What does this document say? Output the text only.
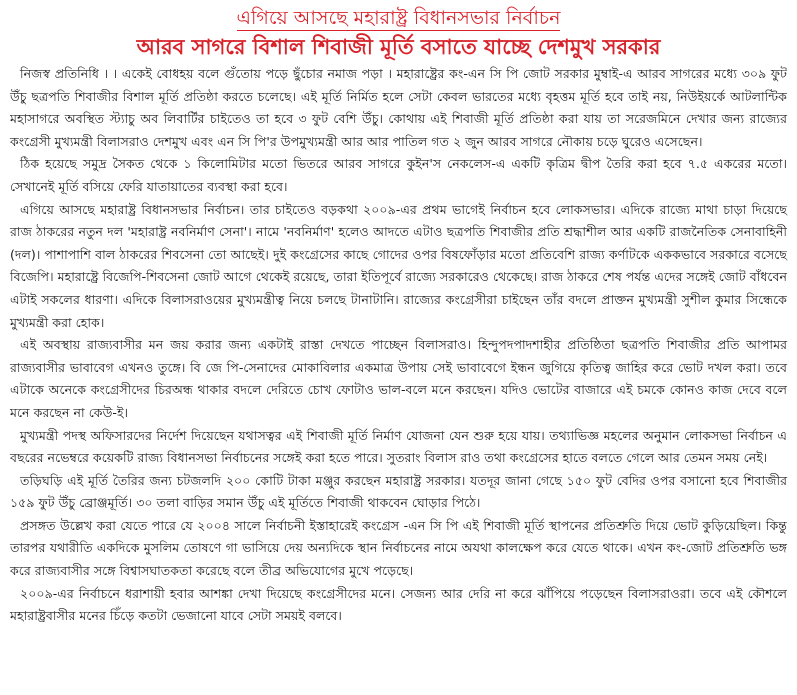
এগিয়ে আসছে মহারাষ্ট্র বিধানসভার নির্বাচন
আরব সাগরে বিশাল শিবাজী মূর্তি বসাতে যাচ্ছে দেশমুখ সরকার

নিজস্ব প্রতিনিধি । । একেই বোধহয় বলে গুঁতোয় পড়ে ছুঁচোর নমাজ পড়া । মহারাষ্ট্রের কং-এন সি পি জোট সরকার মুম্বাই-এ আরব সাগরের মধ্যে ৩০৯ ফুট উঁচু ছত্রপতি শিবাজীর বিশাল মূর্তি প্রতিষ্ঠা করতে চলেছে। এই মূর্তি নির্মিত হলে সেটা কেবল ভারতের মধ্যে বৃহত্তম মূর্তি হবে তাই নয়, নিউইয়র্কে আটলান্টিক মহাসাগরে অবস্থিত স্ট্যাচু অব লিবার্টির চাইতেও তা হবে ৩ ফুট বেশি উঁচু। কোথায় এই শিবাজী মূর্তি প্রতিষ্ঠা করা যায় তা সরেজমিনে দেখার জন্য রাজ্যের কংগ্রেসী মুখ্যমন্ত্রী বিলাসরাও দেশমুখ এবং এন সি পি'র উপমুখ্যমন্ত্রী আর আর পাতিল গত ২ জুন আরব সাগরে নৌকায় চড়ে ঘুরেও এসেছেন।

ঠিক হয়েছে সমুদ্র সৈকত থেকে ১ কিলোমিটার মতো ভিতরে আরব সাগরে কুইন'স নেকলেস-এ একটি কৃত্রিম দ্বীপ তৈরি করা হবে ৭.৫ একরের মতো। সেখানেই মূর্তি বসিয়ে ফেরি যাতায়াতের ব্যবস্থা করা হবে।

এগিয়ে আসছে মহারাষ্ট্র বিধানসভার নির্বাচন। তার চাইতেও বড়কথা ২০০৯-এর প্রথম ভাগেই নির্বাচন হবে লোকসভার। এদিকে রাজ্যে মাথা চাড়া দিয়েছে রাজ ঠাকরের নতুন দল 'মহারাষ্ট্র নবনির্মাণ সেনা'। নামে 'নবনির্মাণ' হলেও আদতে এটাও ছত্রপতি শিবাজীর প্রতি শ্রদ্ধাশীল আর একটি রাজনৈতিক সেনাবাহিনী (দল)। পাশাপাশি বাল ঠাকরের শিবসেনা তো আছেই। দুই কংগ্রেসের কাছে গোদের ওপর বিষফোঁড়ার মতো প্রতিবেশি রাজ্য কর্ণাটকে এককভাবে সরকারে বসেছে বিজেপি। মহারাষ্ট্রে বিজেপি-শিবসেনা জোট আগে থেকেই রয়েছে, তারা ইতিপূর্বে রাজ্যে সরকারেও থেকেছে। রাজ ঠাকরে শেষ পর্যন্ত এদের সঙ্গেই জোট বাঁধবেন এটাই সকলের ধারণা। এদিকে বিলাসরাওয়ের মুখ্যমন্ত্রীত্ব নিয়ে চলছে টানাটানি। রাজ্যের কংগ্রেসীরা চাইছেন তাঁর বদলে প্রাক্তন মুখ্যমন্ত্রী সুশীল কুমার সিন্ধেকে মুখ্যমন্ত্রী করা হোক।

এই অবস্থায় রাজ্যবাসীর মন জয় করার জন্য একটাই রাস্তা দেখতে পাচ্ছেন বিলাসরাও। হিন্দুপদপাদশাহীর প্রতিষ্ঠিতা ছত্রপতি শিবাজীর প্রতি আপামর রাজ্যবাসীর ভাবাবেগ এখনও তুঙ্গে। বি জে পি-সেনাদের মোকাবিলার একমাত্র উপায় সেই ভাবাবেগে ইন্ধন জুগিয়ে কৃতিত্ব জাহির করে ভোট দখল করা। তবে এটাকে অনেকে কংগ্রেসীদের চিরঅন্ধ থাকার বদলে দেরিতে চোখ ফোটাও ভাল-বলে মনে করছেন। যদিও ভোটের বাজারে এই চমকে কোনও কাজ দেবে বলে মনে করছেন না কেউ-ই।

মুখ্যমন্ত্রী পদস্থ অফিসারদের নির্দেশ দিয়েছেন যথাসত্বর এই শিবাজী মূর্তি নির্মাণ যোজনা যেন শুরু হয়ে যায়। তথ্যাভিজ্ঞ মহলের অনুমান লোকসভা নির্বাচন এ বছরের নভেম্বরে কয়েকটি রাজ্য বিধানসভা নির্বাচনের সঙ্গেই করা হতে পারে। সুতরাং বিলাস রাও তথা কংগ্রেসের হাতে বলতে গেলে আর তেমন সময় নেই।

তড়িঘড়ি এই মূর্তি তৈরির জন্য চটজলদি ২০০ কোটি টাকা মঞ্জুর করছেন মহারাষ্ট্র সরকার। যতদূর জানা গেছে ১৫০ ফুট বেদির ওপর বসানো হবে শিবাজীর ১৫৯ ফুট উঁচু ব্রোঞ্জমূর্তি। ৩০ তলা বাড়ির সমান উঁচু এই মূর্তিতে শিবাজী থাকবেন ঘোড়ার পিঠে।

প্রসঙ্গত উল্লেখ করা যেতে পারে যে ২০০৪ সালে নির্বাচনী ইস্তাহারেই কংগ্রেস -এন সি পি এই শিবাজী মূর্তি স্থাপনের প্রতিশ্রুতি দিয়ে ভোট কুড়িয়েছিল। কিন্তু তারপর যথারীতি একদিকে মুসলিম তোষণে গা ভাসিয়ে দেয় অন্যদিকে স্থান নির্বাচনের নামে অযথা কালক্ষেপ করে যেতে থাকে। এখন কং-জোট প্রতিশ্রুতি ভঙ্গ করে রাজ্যবাসীর সঙ্গে বিশ্বাসঘাতকতা করেছে বলে তীব্র অভিযোগের মুখে পড়েছে।

২০০৯-এর নির্বাচনে ধরাশায়ী হবার আশঙ্কা দেখা দিয়েছে কংগ্রেসীদের মনে। সেজন্য আর দেরি না করে ঝাঁপিয়ে পড়েছেন বিলাসরাওরা। তবে এই কৌশলে মহারাষ্ট্রবাসীর মনের চিঁড়ে কতটা ভেজানো যাবে সেটা সময়ই বলবে।
